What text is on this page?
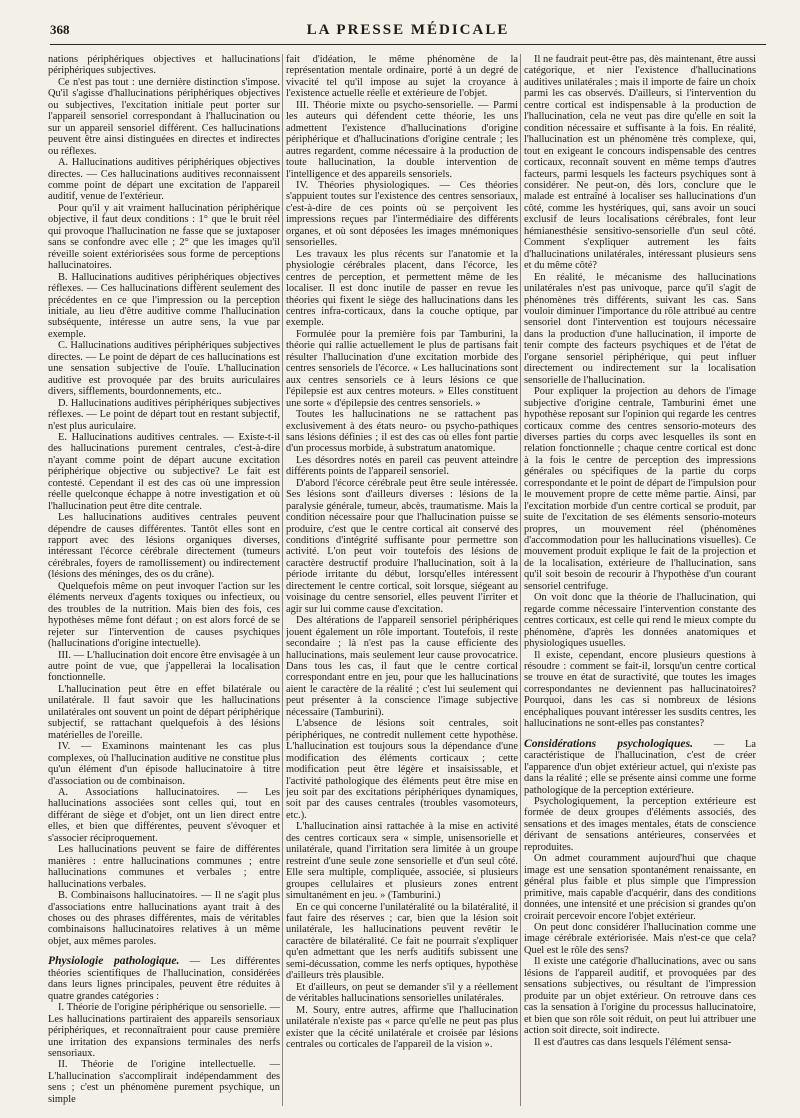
368	LA PRESSE MÉDICALE

nations périphériques objectives et hallucinations périphériques subjectives.

Ce n'est pas tout : une dernière distinction s'impose. Qu'il s'agisse d'hallucinations périphériques objectives ou subjectives, l'excitation initiale peut porter sur l'appareil sensoriel correspondant à l'hallucination ou sur un appareil sensoriel différent. Ces hallucinations peuvent être ainsi distinguées en directes et indirectes ou réflexes.

A. Hallucinations auditives périphériques objectives directes. — Ces hallucinations auditives reconnaissent comme point de départ une excitation de l'appareil auditif, venue de l'extérieur.

Pour qu'il y ait vraiment hallucination périphérique objective, il faut deux conditions : 1° que le bruit réel qui provoque l'hallucination ne fasse que se juxtaposer sans se confondre avec elle ; 2° que les images qu'il réveille soient extériorisées sous forme de perceptions hallucinatoires.

B. Hallucinations auditives périphériques objectives réflexes. — Ces hallucinations diffèrent seulement des précédentes en ce que l'impression ou la perception initiale, au lieu d'être auditive comme l'hallucination subséquente, intéresse un autre sens, la vue par exemple.

C. Hallucinations auditives périphériques subjectives directes. — Le point de départ de ces hallucinations est une sensation subjective de l'ouïe. L'hallucination auditive est provoquée par des bruits auriculaires divers, sifflements, bourdonnements, etc..

D. Hallucinations auditives périphériques subjectives réflexes. — Le point de départ tout en restant subjectif, n'est plus auriculaire.

E. Hallucinations auditives centrales. — Existe-t-il des hallucinations purement centrales, c'est-à-dire n'ayant comme point de départ aucune excitation périphérique objective ou subjective? Le fait est contesté. Cependant il est des cas où une impression réelle quelconque échappe à notre investigation et où l'hallucination peut être dite centrale.

Les hallucinations auditives centrales peuvent dépendre de causes différentes. Tantôt elles sont en rapport avec des lésions organiques diverses, intéressant l'écorce cérébrale directement (tumeurs cérébrales, foyers de ramollissement) ou indirectement (lésions des méninges, des os du crâne).

Quelquefois même on peut invoquer l'action sur les éléments nerveux d'agents toxiques ou infectieux, ou des troubles de la nutrition. Mais bien des fois, ces hypothèses même font défaut ; on est alors forcé de se rejeter sur l'intervention de causes psychiques (hallucinations d'origine intectuelle).

III. — L'hallucination doit encore être envisagée à un autre point de vue, que j'appellerai la localisation fonctionnelle.

L'hallucination peut être en effet bilatérale ou unilatérale. Il faut savoir que les hallucinations unilatérales ont souvent un point de départ périphérique subjectif, se rattachant quelquefois à des lésions matérielles de l'oreille.

IV. — Examinons maintenant les cas plus complexes, où l'hallucination auditive ne constitue plus qu'un élément d'un épisode hallucinatoire à titre d'association ou de combinaison.

A. Associations hallucinatoires. — Les hallucinations associées sont celles qui, tout en différant de siège et d'objet, ont un lien direct entre elles, et bien que différentes, peuvent s'évoquer et s'associer réciproquement.

Les hallucinations peuvent se faire de différentes manières : entre hallucinations communes ; entre hallucinations communes et verbales ; entre hallucinations verbales.

B. Combinaisons hallucinatoires. — Il ne s'agit plus d'associations entre hallucinations ayant trait à des choses ou des phrases différentes, mais de véritables combinaisons hallucinatoires relatives à un même objet, aux mêmes paroles.

Physiologie pathologique. — Les différentes théories scientifiques de l'hallucination, considérées dans leurs lignes principales, peuvent être réduites à quatre grandes catégories :

I. Théorie de l'origine périphérique ou sensorielle. — Les hallucinations partiraient des appareils sensoriaux périphériques, et reconnaîtraient pour cause première une irritation des expansions terminales des nerfs sensoriaux.

II. Théorie de l'origine intellectuelle. — L'hallucination s'accomplirait indépendamment des sens ; c'est un phénomène purement psychique, un simple

fait d'idéation, le même phénomène de la représentation mentale ordinaire, porté à un degré de vivacité tel qu'il impose au sujet la croyance à l'existence actuelle réelle et extérieure de l'objet.

III. Théorie mixte ou psycho-sensorielle. — Parmi les auteurs qui défendent cette théorie, les uns admettent l'existence d'hallucinations d'origine périphérique et d'hallucinations d'origine centrale ; les autres regardent, comme nécessaire à la production de toute hallucination, la double intervention de l'intelligence et des appareils sensoriels.

IV. Théories physiologiques. — Ces théories s'appuient toutes sur l'existence des centres sensoriaux, c'est-à-dire de ces points où se perçoivent les impressions reçues par l'intermédiaire des différents organes, et où sont déposées les images mnémoniques sensorielles.

Les travaux les plus récents sur l'anatomie et la physiologie cérébrales placent, dans l'écorce, les centres de perception, et permettent même de les localiser. Il est donc inutile de passer en revue les théories qui fixent le siège des hallucinations dans les centres infra-corticaux, dans la couche optique, par exemple.

Formulée pour la première fois par Tamburini, la théorie qui rallie actuellement le plus de partisans fait résulter l'hallucination d'une excitation morbide des centres sensoriels de l'écorce. « Les hallucinations sont aux centres sensoriels ce à leurs lésions ce que l'épilepsie est aux centres moteurs. » Elles constituent une sorte « d'épilepsie des centres sensoriels. »

Toutes les hallucinations ne se rattachent pas exclusivement à des états neuro- ou psycho-pathiques sans lésions définies ; il est des cas où elles font partie d'un processus morbide, à substratum anatomique.

Les désordres notés en pareil cas peuvent atteindre différents points de l'appareil sensoriel.

D'abord l'écorce cérébrale peut être seule intéressée. Ses lésions sont d'ailleurs diverses : lésions de la paralysie générale, tumeur, abcès, traumatisme. Mais la condition nécessaire pour que l'hallucination puisse se produire, c'est que le centre cortical ait conservé des conditions d'intégrité suffisante pour permettre son activité. L'on peut voir toutefois des lésions de caractère destructif produire l'hallucination, soit à la période irritante du début, lorsqu'elles intéressent directement le centre cortical, soit lorsque, siégeant au voisinage du centre sensoriel, elles peuvent l'irriter et agir sur lui comme cause d'excitation.

Des altérations de l'appareil sensoriel périphériques jouent également un rôle important. Toutefois, il reste secondaire ; là n'est pas la cause efficiente des hallucinations, mais seulement leur cause provocatrice. Dans tous les cas, il faut que le centre cortical correspondant entre en jeu, pour que les hallucinations aient le caractère de la réalité ; c'est lui seulement qui peut présenter à la conscience l'image subjective nécessaire (Tamburini).

L'absence de lésions soit centrales, soit périphériques, ne contredit nullement cette hypothèse. L'hallucination est toujours sous la dépendance d'une modification des éléments corticaux ; cette modification peut être légère et insaisissable, et l'activité pathologique des éléments peut être mise en jeu soit par des excitations périphériques dynamiques, soit par des causes centrales (troubles vasomoteurs, etc.).

L'hallucination ainsi rattachée à la mise en activité des centres corticaux sera « simple, unisensorielle et unilatérale, quand l'irritation sera limitée à un groupe restreint d'une seule zone sensorielle et d'un seul côté. Elle sera multiple, compliquée, associée, si plusieurs groupes cellulaires et plusieurs zones entrent simultanément en jeu. » (Tamburini.)

En ce qui concerne l'unilatéralité ou la bilatéralité, il faut faire des réserves ; car, bien que la lésion soit unilatérale, les hallucinations peuvent revêtir le caractère de bilatéralité. Ce fait ne pourrait s'expliquer qu'en admettant que les nerfs auditifs subissent une semi-décussation, comme les nerfs optiques, hypothèse d'ailleurs très plausible.

Et d'ailleurs, on peut se demander s'il y a réellement de véritables hallucinations sensorielles unilatérales.

M. Soury, entre autres, affirme que l'hallucination unilatérale n'existe pas « parce qu'elle ne peut pas plus exister que la cécité unilatérale et croisée par lésions centrales ou corticales de l'appareil de la vision ».

Il ne faudrait peut-être pas, dès maintenant, être aussi catégorique, et nier l'existence d'hallucinations auditives unilatérales ; mais il importe de faire un choix parmi les cas observés. D'ailleurs, si l'intervention du centre cortical est indispensable à la production de l'hallucination, cela ne veut pas dire qu'elle en soit la condition nécessaire et suffisante à la fois. En réalité, l'hallucination est un phénomène très complexe, qui, tout en exigeant le concours indispensable des centres corticaux, reconnaît souvent en même temps d'autres facteurs, parmi lesquels les facteurs psychiques sont à considérer. Ne peut-on, dès lors, conclure que le malade est entraîné à localiser ses hallucinations d'un côté, comme les hystériques, qui, sans avoir un souci exclusif de leurs localisations cérébrales, font leur hémianesthésie sensitivo-sensorielle d'un seul côté. Comment s'expliquer autrement les faits d'hallucinations unilatérales, intéressant plusieurs sens et du même côté?

En réalité, le mécanisme des hallucinations unilatérales n'est pas univoque, parce qu'il s'agit de phénomènes très différents, suivant les cas. Sans vouloir diminuer l'importance du rôle attribué au centre sensoriel dont l'intervention est toujours nécessaire dans la production d'une hallucination, il importe de tenir compte des facteurs psychiques et de l'état de l'organe sensoriel périphérique, qui peut influer directement ou indirectement sur la localisation sensorielle de l'hallucination.

Pour expliquer la projection au dehors de l'image subjective d'origine centrale, Tamburini émet une hypothèse reposant sur l'opinion qui regarde les centres corticaux comme des centres sensorio-moteurs des diverses parties du corps avec lesquelles ils sont en relation fonctionnelle ; chaque centre cortical est donc à la fois le centre de perception des impressions générales ou spécifiques de la partie du corps correspondante et le point de départ de l'impulsion pour le mouvement propre de cette même partie. Ainsi, par l'excitation morbide d'un centre cortical se produit, par suite de l'excitation de ses éléments sensorio-moteurs propres, un mouvement réel (phénomènes d'accommodation pour les hallucinations visuelles). Ce mouvement produit explique le fait de la projection et de la localisation, extérieure de l'hallucination, sans qu'il soit besoin de recourir à l'hypothèse d'un courant sensoriel centrifuge.

On voit donc que la théorie de l'hallucination, qui regarde comme nécessaire l'intervention constante des centres corticaux, est celle qui rend le mieux compte du phénomène, d'après les données anatomiques et physiologiques usuelles.

Il existe, cependant, encore plusieurs questions à résoudre : comment se fait-il, lorsqu'un centre cortical se trouve en état de suractivité, que toutes les images correspondantes ne deviennent pas hallucinatoires? Pourquoi, dans les cas si nombreux de lésions encéphaliques pouvant intéresser les susdits centres, les hallucinations ne sont-elles pas constantes?

Considérations psychologiques. — La caractéristique de l'hallucination, c'est de créer l'apparence d'un objet extérieur actuel, qui n'existe pas dans la réalité ; elle se présente ainsi comme une forme pathologique de la perception extérieure.

Psychologiquement, la perception extérieure est formée de deux groupes d'éléments associés, des sensations et des images mentales, états de conscience dérivant de sensations antérieures, conservées et reproduites.

On admet couramment aujourd'hui que chaque image est une sensation spontanément renaissante, en général plus faible et plus simple que l'impression primitive, mais capable d'acquérir, dans des conditions données, une intensité et une précision si grandes qu'on croirait percevoir encore l'objet extérieur.

On peut donc considérer l'hallucination comme une image cérébrale extériorisée. Mais n'est-ce que cela? Quel est le rôle des sens?

Il existe une catégorie d'hallucinations, avec ou sans lésions de l'appareil auditif, et provoquées par des sensations subjectives, ou résultant de l'impression produite par un objet extérieur. On retrouve dans ces cas la sensation à l'origine du processus hallucinatoire, et bien que son rôle soit réduit, on peut lui attribuer une action soit directe, soit indirecte.

Il est d'autres cas dans lesquels l'élément sensa-
